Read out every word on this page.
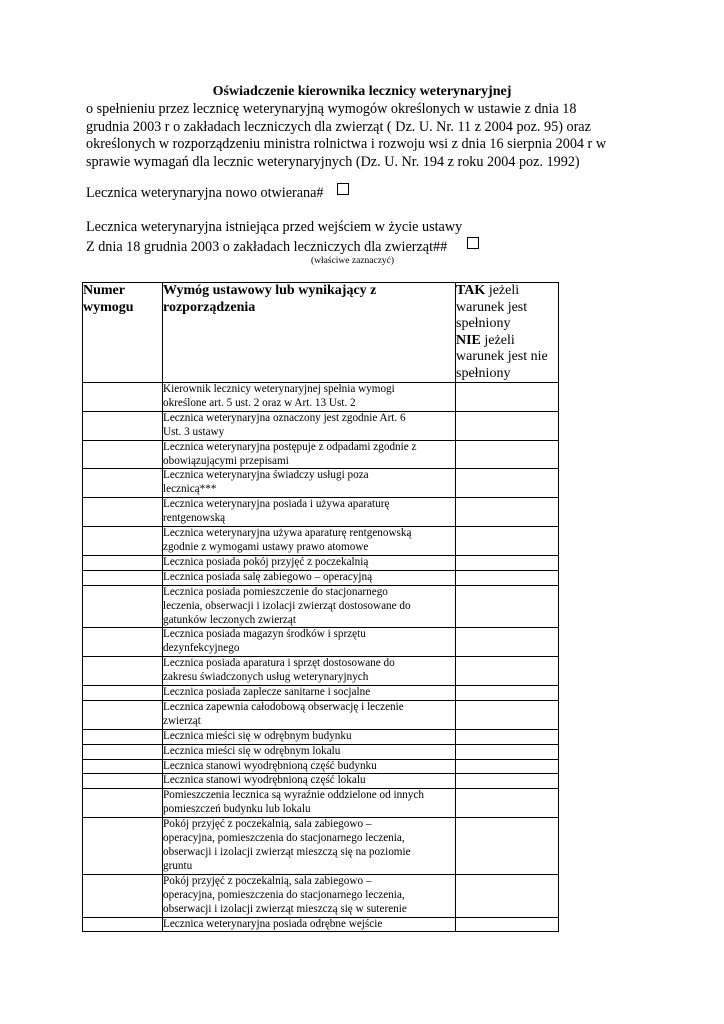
Oświadczenie kierownika lecznicy weterynaryjnej
o spełnieniu przez lecznicę weterynaryjną wymogów określonych w ustawie z dnia 18
grudnia 2003 r o zakładach leczniczych dla zwierząt ( Dz. U. Nr. 11 z 2004 poz. 95) oraz
określonych w rozporządzeniu ministra rolnictwa i rozwoju wsi z dnia 16 sierpnia 2004 r w
sprawie wymagań dla lecznic weterynaryjnych (Dz. U. Nr. 194 z roku 2004 poz. 1992)
Lecznica weterynaryjna nowo otwierana#
Lecznica weterynaryjna istniejąca przed wejściem w życie ustawy
Z dnia 18 grudnia 2003 o zakładach leczniczych dla zwierząt##
(właściwe zaznaczyć)
Numer wymogu	Wymóg ustawowy lub wynikający z rozporządzenia	TAK jeżeli warunek jest spełniony
NIE jeżeli warunek jest nie spełniony

	Kierownik lecznicy weterynaryjnej spełnia wymogi
określone art. 5 ust. 2 oraz w Art. 13 Ust. 2	

	Lecznica weterynaryjna oznaczony jest zgodnie Art. 6
Ust. 3 ustawy	

	Lecznica weterynaryjna postępuje z odpadami zgodnie z
obowiązującymi przepisami	

	Lecznica weterynaryjna świadczy usługi poza
lecznicą***	

	Lecznica weterynaryjna posiada i używa aparaturę
rentgenowską	

	Lecznica weterynaryjna używa aparaturę rentgenowską
zgodnie z wymogami ustawy prawo atomowe	

	Lecznica posiada pokój przyjęć z poczekalnią	

	Lecznica posiada salę zabiegowo – operacyjną	

	Lecznica posiada pomieszczenie do stacjonarnego
leczenia, obserwacji i izolacji zwierząt dostosowane do
gatunków leczonych zwierząt	

	Lecznica posiada magazyn środków i sprzętu
dezynfekcyjnego	

	Lecznica posiada aparatura i sprzęt dostosowane do
zakresu świadczonych usług weterynaryjnych	

	Lecznica posiada zaplecze sanitarne i socjalne	

	Lecznica zapewnia całodobową obserwację i leczenie
zwierząt	

	Lecznica mieści się w odrębnym budynku	

	Lecznica mieści się w odrębnym lokalu	

	Lecznica stanowi wyodrębnioną część budynku	

	Lecznica stanowi wyodrębnioną część lokalu	

	Pomieszczenia lecznica są wyraźnie oddzielone od innych
pomieszczeń budynku lub lokalu	

	Pokój przyjęć z poczekalnią, sala zabiegowo –
operacyjna, pomieszczenia do stacjonarnego leczenia,
obserwacji i izolacji zwierząt mieszczą się na poziomie
gruntu	

	Pokój przyjęć z poczekalnią, sala zabiegowo –
operacyjna, pomieszczenia do stacjonarnego leczenia,
obserwacji i izolacji zwierząt mieszczą się w suterenie	

	Lecznica weterynaryjna posiada odrębne wejście	
